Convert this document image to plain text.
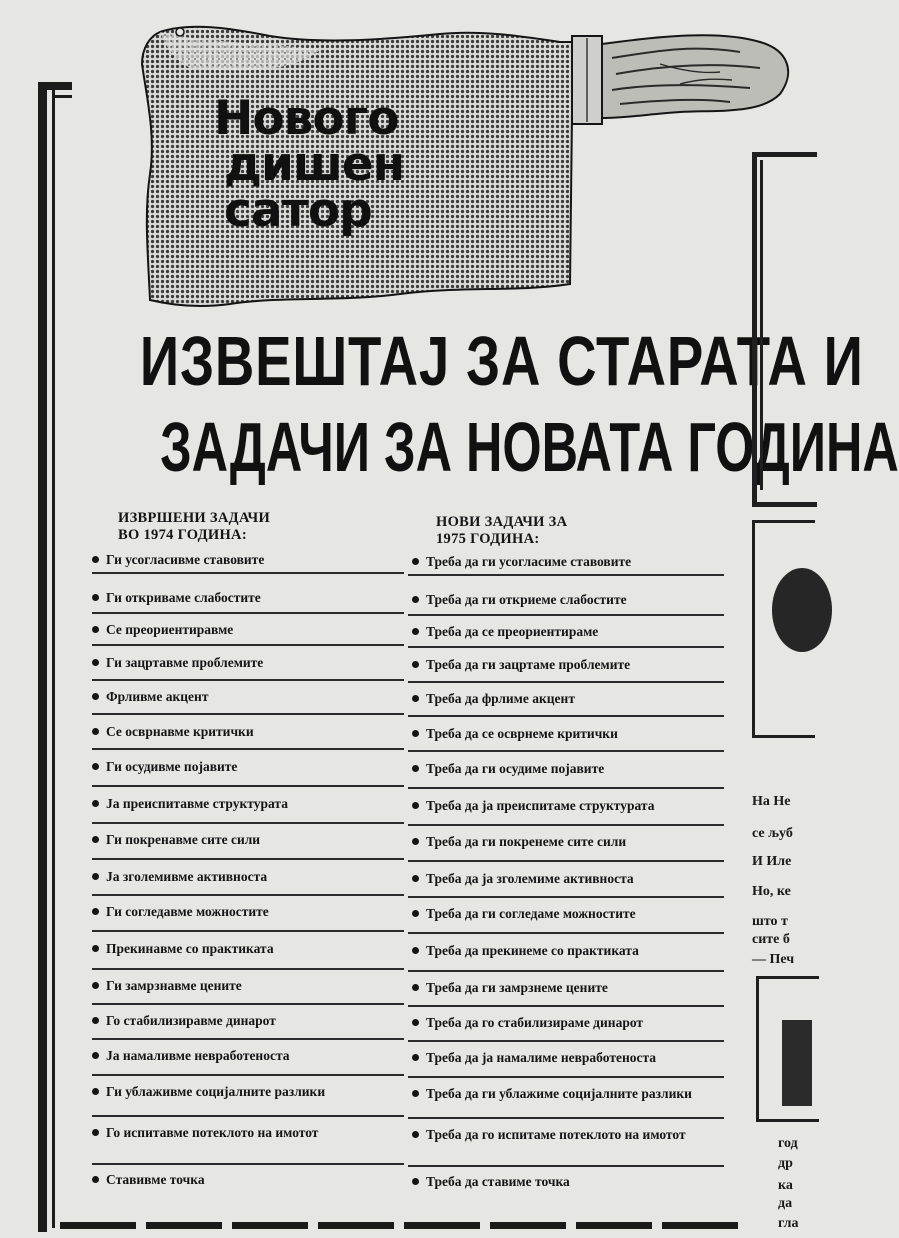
Новогo
дишен
сатор
ИЗВЕШТАЈ ЗА СТАРАТА И
ЗАДАЧИ ЗА НОВАТА ГОДИНА
ИЗВРШЕНИ ЗАДАЧИ
ВО 1974 ГОДИНА:
НОВИ ЗАДАЧИ ЗА
1975 ГОДИНА:
Ги усогласивме ставовите	Треба да ги усогласиме ставовите
Ги откриваме слабостите	Треба да ги откриеме слабостите
Се преориентиравме	Треба да се преориентираме
Ги зацртавме проблемите	Треба да ги зацртаме проблемите
Фрливме акцент	Треба да фрлиме акцент
Се осврнавме критички	Треба да се осврнеме критички
Ги осудивме појавите	Треба да ги осудиме појавите
Ја преиспитавме структурата	Треба да ја преиспитаме структурата
Ги покренавме сите сили	Треба да ги покренеме сите сили
Ја зголемивме активноста	Треба да ја зголемиме активноста
Ги согледавме можностите	Треба да ги согледаме можностите
Прекинавме со практиката	Треба да прекинеме со практиката
Ги замрзнавме цените	Треба да ги замрзнеме цените
Го стабилизиравме динарот	Треба да го стабилизираме динарот
Ја намаливме невработеноста	Треба да ја намалиме невработеноста
Ги ублаживме социјалните разлики	Треба да ги ублажиме социјалните разлики
Го испитавме потеклото на имотот	Треба да го испитаме потеклото на имотот
Ставивме точка	Треба да ставиме точка
На Не
се љуб
И Иле
Но, ке
што т
сите б
— Печ
год
др
ка
да
гла
